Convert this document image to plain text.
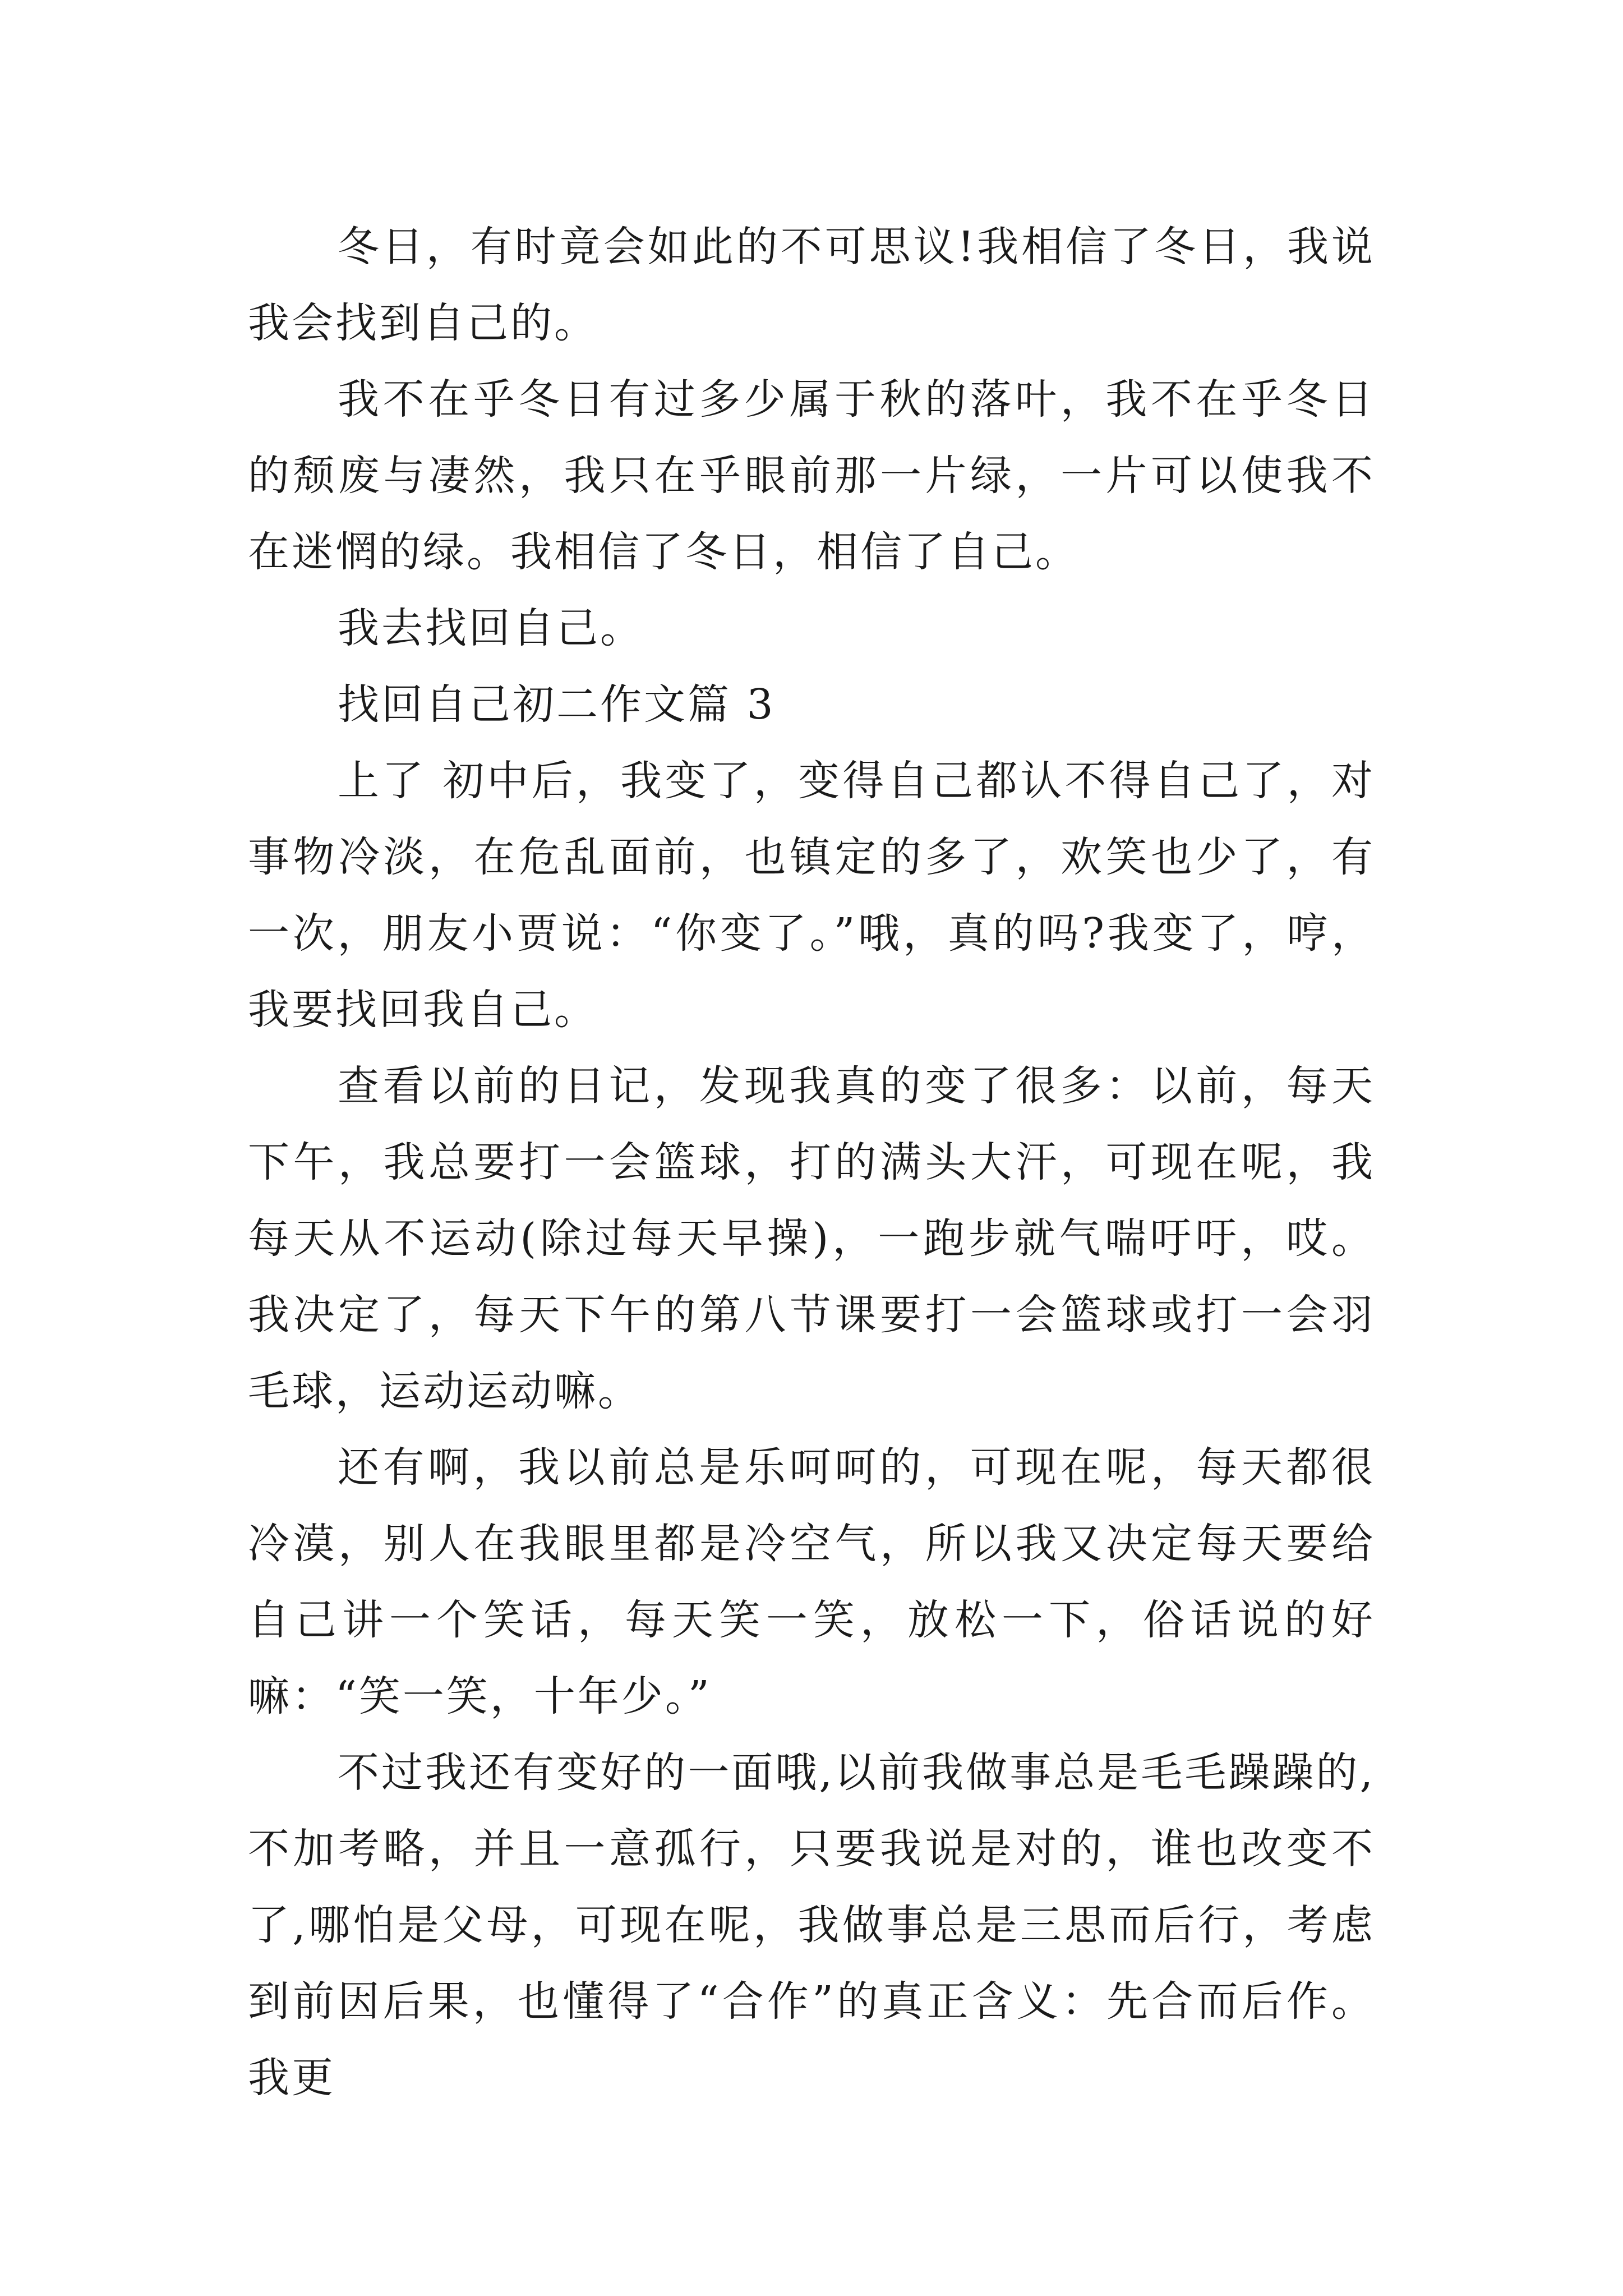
冬日，有时竟会如此的不可思议!我相信了冬日，我说我会找到自己的。

我不在乎冬日有过多少属于秋的落叶，我不在乎冬日的颓废与凄然，我只在乎眼前那一片绿，一片可以使我不在迷惘的绿。我相信了冬日，相信了自己。

我去找回自己。

找回自己初二作文篇 3

上了 初中后，我变了，变得自己都认不得自己了，对事物冷淡，在危乱面前，也镇定的多了，欢笑也少了，有一次，朋友小贾说：“你变了。”哦，真的吗?我变了，哼，我要找回我自己。

查看以前的日记，发现我真的变了很多：以前，每天下午，我总要打一会篮球，打的满头大汗，可现在呢，我每天从不运动(除过每天早操)，一跑步就气喘吁吁，哎。我决定了，每天下午的第八节课要打一会篮球或打一会羽毛球，运动运动嘛。

还有啊，我以前总是乐呵呵的，可现在呢，每天都很冷漠，别人在我眼里都是冷空气，所以我又决定每天要给自己讲一个笑话，每天笑一笑，放松一下，俗话说的好嘛：“笑一笑，十年少。”

不过我还有变好的一面哦,以前我做事总是毛毛躁躁的,不加考略，并且一意孤行，只要我说是对的，谁也改变不了,哪怕是父母，可现在呢，我做事总是三思而后行，考虑到前因后果，也懂得了“合作”的真正含义：先合而后作。我更
